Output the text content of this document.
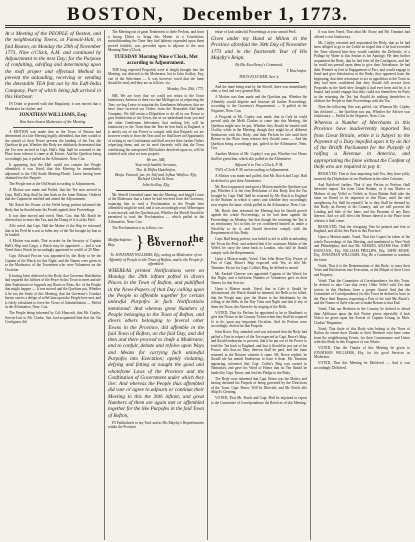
BOSTON, December 1, 1773.
At a Meeting of the PEOPLE of Boston, and the neighbouring Towns, at Faneuil-Hall, in faid Boston, on Monday the 29th of November 1773, Nine o'Clock, A.M. and continued by Adjournment to the next Day; for the Purpose of confulting, advifing and determining upon the moft proper and effectual Method to prevent the unloading, receiving or vending the detestable TEA fent out by the Eaft-India Company, Part of which being juft arrived in this Harbour:

IN Order to proceed with due Regularity, it was moved that a Moderator be chofen, and

JONATHAN WILLIAMS, Esq;
Was then chosen Moderator of the Meeting.

A MOTION was made that as the Town of Boston had determined at a late Meeting legally affembled, that they would to the utmoft of their Power prevent the landing of the Tea, the Queftion be put, Whether this Body are abfolutely determined that the Tea now arrived in Capt. Hall's Ship fhall be returned to the Place from whence it came at all Events. And the Queftion being accordingly put, it paffed in the Affirmative. Nem. Con.

It appearing that the Hall could not contain the People affembled, it was Voted, that this Meeting be immediately adjourned to the Old South Meeting-Houfe, Leave having been obtained for this Purpofe.

The People met at the Old South according to Adjournment.

A Motion was made and Paffed, that the Tea now arrived in Capt. Hall's Ship fhall be fent back in the fame Bottom. Ordered that the Captain be notified and attend the Adjournment.

Mr. Rotch the Owner of the Veffel being prefent informed the Body that he fhould enter his Proteft againft their Proceedings.

It was then moved and voted, Nem. Con. that Mr. Rotch be directed not to enter this Tea; and the Doing of it is at his Peril.

Alfo voted, that Capt. Hall the Mafter of the Ship be informed that at his Peril he is not to fuffer any of the Tea brought by him to be landed.

A Motion was made, That in order for the Security of Captain Hall's Ship and Cargo, a Watch may be appointed — and it was Voted that a Watch be accordingly appointed to confift of 25 Men.

Capt. Edward Proctor was appointed by the Body to be the Captain of the Watch for this Night, and the Names were given in to the Moderator, of the Townfmen who were Volunteers on the Occafion.

It having been obferved to the Body, that Governor Hutchinfon had required the Juftices of the Peace in this Town to meet and ufe their Endeavours to fupprefs any Routs or Riots, &c. of the People that might happen — It was moved and the Queftion put, Whether it be not the Senfe of this Meeting, that the Governor's Conduct herein carries a defign of refleCtion upon the People here met; and is folely calculated to ferve the Views of Adminiftration — Paffed in the Affirmative, Nem. Con.

The People being informed by Col. Hancock, that Mr. Copley, Son-in-Law to Mr. Clarke, Sen. had acquainted him that the Tea Configness did

The Meeting out of great Tendernefs to thefe Perfons, and from a ftrong Defire to bring this Matter to a Conclufion, notwithftanding the Time they had hitherto expended upon them proved fruitlefs, was prevailed upon to adjourn to the next Morning Nine o'Clock.

TUESDAY Morning Nine o'Clock, Met according to Adjournment.

THE long expected Propofals were at length brought into the Meeting, not directed to the Moderator, but to John Scollay, Esq; one of the Selectmen — It was however voted that the fame fhould be read, and they are as follows, viz.

Monday, Nov. 29th, 1773.

SIR, We are forry that we could not return to the Town fatisfactory Anfwers to their two late Meffages to us refpecting the Teas; we beg Leave to acquaint the Gentlemen Selectmen, that we have fince received our Orders from the Honorable Eaft-India Company. We ftill retain a Difpofition to do all in our Power to give Satisfaction to the Town, but as we underftand from you and the other Gentlemen Selectmen, that nothing lefs will be fatisfactory to the Town than the Teas be fent back to England, it is utterly out of our Power to comply with that Requeft; we are however ready to ftore the Teas until we fhall have an Opportunity of writing to our Conftituents and fhall receive their further Orders refpecting them; and we do moft fincerely wifh that the Town confidering the unexpected Difficulties devolved upon us, will be fatisfied with what we now propofe.

We are, SIR,
Your moft humble Servants,
Tho. & Elifha Hutchinfon,
Benja. Faneuil, jun. for Self and Jofhua Winflow, Efq;
Richard Clarke & Sons.
John Scollay, Efq;

Mr. Sheriff Greenleaf came into the Meeting, and begg'd Leave of the Moderator that a Letter he had received from the Governor, requiring him to read a Proclamation to the People here affembled, might be read; and it was accordingly read. Whereupon it was moved, and the Queftion put, Whether the Sheriff fhould be permitted to read the Proclamation — which paffed in the Affirmative, Nem. Con.

The Proclamation is as follows, viz.

Maffachufetts-Bay.	} By the Governor.
To JONATHAN WILLIAMS, Efq; acting as Moderator of an Affembly of People in the Town of Bofton, and to the People fo affembled:
WHEREAS printed Notifications were on Monday the 29th inftant pofted in divers Places in the Town of Bofton, and publifhed in the News-Papers of that Day calling upon the People to affemble together for certain unlawful Purpofes in fuch Notifications mentioned: And whereas great Numbers of People belonging to the Town of Bofton, and divers others belonging to feveral other Towns in the Province, did affemble in the faid Town of Bofton, on the faid Day, and did then and there proceed to chufe a Moderator, and to confult, debate and refolve upon Ways and Means for carrying fuch unlawful Purpofes into Execution; openly violating, defying and fetting at naught the good and wholefome Laws of the Province and the Conftitution of Government under which they live: And whereas the People thus affembled did vote or agree to adjourn or continue their Meeting to this the 30th inftant, and great Numbers of them are again met or affembled together for the like Purpofes in the faid Town of Bofton,

IN Faithfulnefs to my Truft and as His Majefty's Reprefentative within the Province

enfue of fuch unlawful Proceedings at your utmoft Peril.

Given under my Hand at Milton in the Province aforefaid the 30th Day of November 1773 and in the fourteenth Year of His Majefty's Reign.
By His Excellency's Command,
T. Hutchinfon.
THO'S FLUCKER, Secr'y.

And the fame being read by the Sheriff, there was immediately after, a loud and very general Hifs.

A Motion was then made and the Queftion put, Whether the Affembly would difperfe and furcease all further Proceedings, according to the Governor's Requirement — It paffed in the Negative, Nem. Con.

A Propofal of Mr. Copley was made, that in Cafe he could prevail with the Meffi Clarkes to come into this Meeting, the Queftion might now be put, Whether they fhould be treated with Civility while in the Meeting, though they might be of different Sentiments with this Body; and their Perfons be fafe until their Return to the Place from whence they fhould come — And the Queftion being accordingly put, paffed in the Affirmative, Nem. Con.

Another Motion of Mr. Copley's was put, Whether two Hours fhall be given him, which alfo paffed in the Affirmative.

Adjourn'd to Two o'Clock, P. M.

TWO o'Clock P. M. met according to Adjournment.

A Motion was made and paffed, that Mr. Rotch and Capt. Hall be defired to give their Attendance.

Mr. Rotch appeared, and upon a Motion made the Queftion was put, Whether it is the firm Refolution of this Body, that the Tea brought by Capt. Hall fhall be returned by Mr. Rotch to England in the Bottom in which it came; and whether they accordingly now require the fame, which paffed in the Affirmative, Nem. Con.

Mr. Rotch then informed the Meeting that he fhould proteft againft the whole Proceedings, as he had done againft the Proceedings on Monday, but that though the returning the Tea is an involuntary Act in him, he yet confidered himfelf as under a Neceffity to do it, and fhould therefore comply with the Requirement of this Body.

Capt. Hall being prefent, was forbid to aid or affift in unloading the Tea at his Peril, and ordered that if he continues Mafter of the Veffel, he carry the fame back to London, who faid he fhould comply with the Requirement.

Upon a Motion made, Voted, That John Rowe Efq; Owner of Part of Capt. Bruce's Ship expected with Tea, as alfo Mr. Timmins, Factor for Capt. Coffin's Brig, be defired to attend.

Mr. Ezekiel Cheever was appointed Captain of the Watch for this Night, and a fufficient Number of Volunteers gave in their Names for that Service.

Upon a Motion made, Voted, that in Cafe it fhould be difcontinued, the Watch fhould be alarmed, the Bells to be tolled, that the People may give the Alarm to the Inhabitants by the tolling of the Bells in the Day Time and Night and that if any of them the Town, the Alarm be by ringing of the Bells.

VOTED, That fix Perfons be appointed to be in Readinefs to give due Notice to the Country Towns when they fhall be required fo to do, upon any important Occafion. And fix Perfons were accordingly chofen for that Purpofe.

John Rowe, Efq; attended, and was informed that the Body had paffed a Vote in refpect of the Tea expected in Capt. Bruce's Ship; and fhould endeavour to prevent, that it be put out of his Power to fend the Tea back to England, and that it fhould be put out of his Power; alfo that no Duty thereon fhall be paid, and the fame returned in the Bottom wherein it came. Mr. Rowe replied, he fhould ufe his utmoft Endeavour to have it done. Mr. Timmins appearing, informed that Capt. Coffin's Brig was owned in Nantucket, and gave his Word of Honor that no Tea fhould be landed by Capt. Bruce; and fent his Pledge to the Body.

The Body were informed that Capt. Bruce was the Mafter, and having declared his Purpofe of being governed by the Directions of the Town, Capt. Bruce, Will be Directed, and Mr. Rotch alfo Ship'd's Clearing.

VOTED, That Mr. Rotch and Capt. Hall be enjoined to report to the Committee of Correfpondence the Refolves of this Meeting.

It was then Voted, That what Mr. Rowe and Mr. Timmins had offered is not fatisfactory.

Mr. Copley returned and acquainted the Body, that as he had been obliged to go to the Caftle he hoped that if he had exceeded the Time allowed him they would confider the Difficulty of a Paffage by Water at this Seafon as his Apology: He then further acquainted the Body, that he had feen all the Configners, and tho' he could not prevail upon them to give their Attendance, he had their Promife as fent to Engagement of Fact, and would engage to ftand and give Satisfaction to the Body; they appeared from the beginning, that their reluctance to act in oppofition to the Town as they had been confidered that they fhould ftill receive their Propofals as the lateft they thought it had ever been and he, it is hoped, had would engage that they could not themfelves be Party in the returning the Tea, but fhould do nothing themfelves to obftruct the People in their Proceedings with the Tea.

Then the following Vote was paffed, viz. Whereas Mr. Copley has declared — the Queftion was put, Whether the Anfwer was fatisfactory — Paffed in the Negative, Nem. Con.

Whereas a Number of Merchants in this Province have inadvertently imported Tea from Great Britain, while it is fubject to the Payment of a Duty impofed upon it by an Act of the Britifh Parliament for the Purpofe of raifing a Revenue in America, and appropriating the fame without the Confent of thofe who are required to pay it:

RESOLVED, That in thus importing faid Tea, they have juftly incurred the Difpleafure of our Brethren in the other Colonies.

And Refolved further, That if any Perfon or Perfons fhall hereafter import Tea from Great Britain, or if any Mafter or Mafters of any Veffel or Veffels in Great Britain fhall take the fame on Board to be imported to this Place, until the faid unrighteous Act fhall be repeal'd, he or they fhall be deemed by this Body, an Enemy to his Country; and we will prevent the Landing and Sale of the fame, and the Payment of any Duty thereon. And we will effect the Return thereof to the Place from whence it fhall come.

RESOLVED, That the foregoing Vote be printed and fent to England, and all the Sea Ports in this Province.

Upon a Motion made, Voted, That fair Copies be taken of the whole Proceedings of this Meeting, and tranfmitted to New-York and Philadelphia, And that Mr. SAMUEL ADAMS Hon. JOHN HANCOCK, Efq; WILLIAM PHILLIPS, Efq; JOHN ROWE, Efq; JONATHAN WILLIAMS, Efq; Be a Committee to tranfmit the fame.

Voted, That it is the Determination of this Body, to carry their Votes and Refolutions into Execution, at the Rifque of their Lives and Property.

Voted, That the Committee of Correfpondence for this Town, be defired to take Care that every Other Veffel with Tea that arrives in this Harbour, have a proper Guard: And that the Committee of Correfpondence for this Town be defired to have in the Place their Reports respecting a Part of the faid Mr. Rotch's, and the Names of thefe who are to make Return to that End.

Voted, That our Brethren in the Country be defired to afford their Affiftance upon the firft Notice given; efpecially if fuch Notice be given upon the Arrival of Captain Loring, in Mefs. Clarkes' Brigantine.

Voted, That thofe of this Body who belong to the Town of Bofton do return their Thanks to their Brethren who have come from the neighbouring Towns, for their Countenance and Union with this Body in this Exigence of our Affairs.

VOTED, That the Thanks of this Meeting be given to JONATHAN WILLIAMS, Efq; for his good Services as Moderator.

VOTED, That this Meeting be Diffolved — And it was accordingly Diffolved.
